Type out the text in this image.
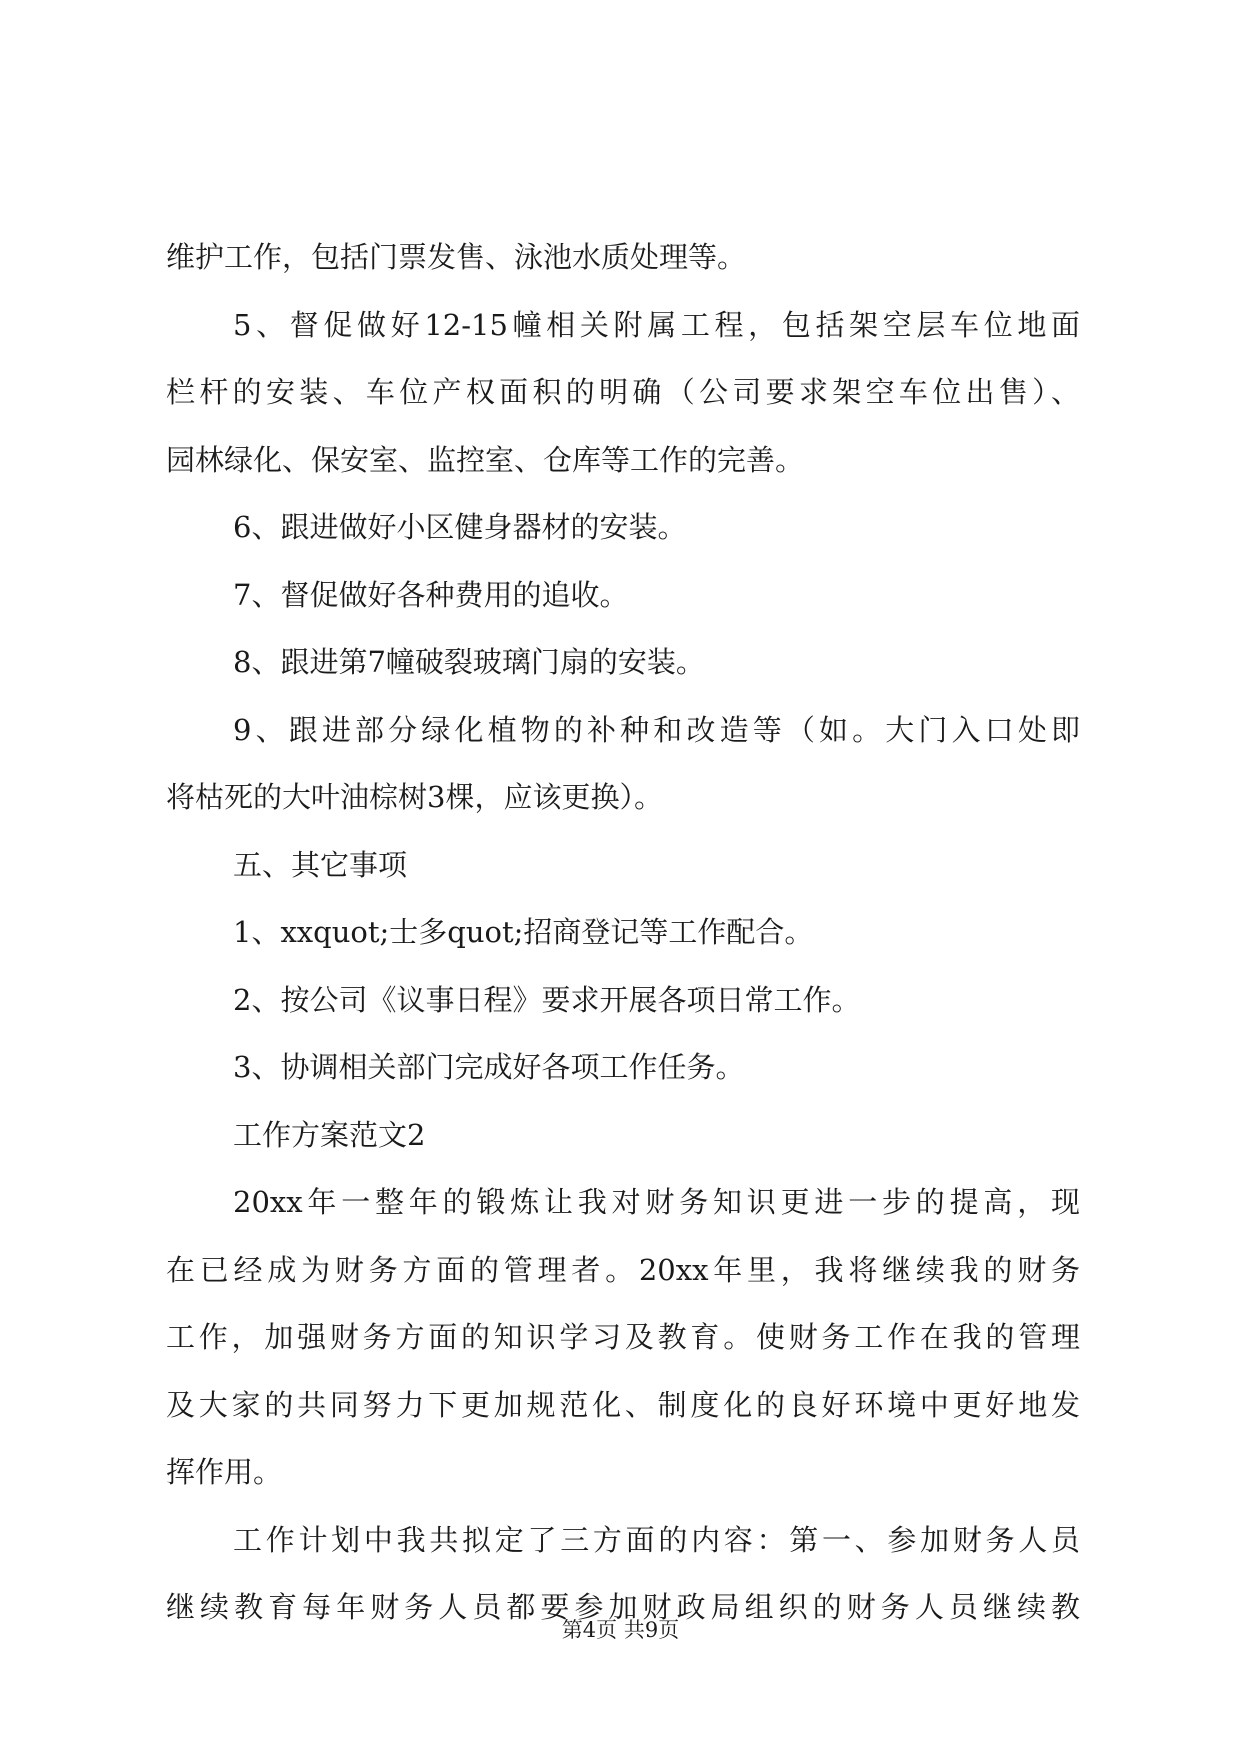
维护工作，包括门票发售、泳池水质处理等。
5、督促做好12-15幢相关附属工程，包括架空层车位地面
栏杆的安装、车位产权面积的明确（公司要求架空车位出售）、
园林绿化、保安室、监控室、仓库等工作的完善。
6、跟进做好小区健身器材的安装。
7、督促做好各种费用的追收。
8、跟进第7幢破裂玻璃门扇的安装。
9、跟进部分绿化植物的补种和改造等（如。大门入口处即
将枯死的大叶油棕树3棵，应该更换）。
五、其它事项
1、xxquot;士多quot;招商登记等工作配合。
2、按公司《议事日程》要求开展各项日常工作。
3、协调相关部门完成好各项工作任务。
工作方案范文2
20xx年一整年的锻炼让我对财务知识更进一步的提高，现
在已经成为财务方面的管理者。20xx年里，我将继续我的财务
工作，加强财务方面的知识学习及教育。使财务工作在我的管理
及大家的共同努力下更加规范化、制度化的良好环境中更好地发
挥作用。
工作计划中我共拟定了三方面的内容：第一、参加财务人员
继续教育每年财务人员都要参加财政局组织的财务人员继续教
第4页 共9页
